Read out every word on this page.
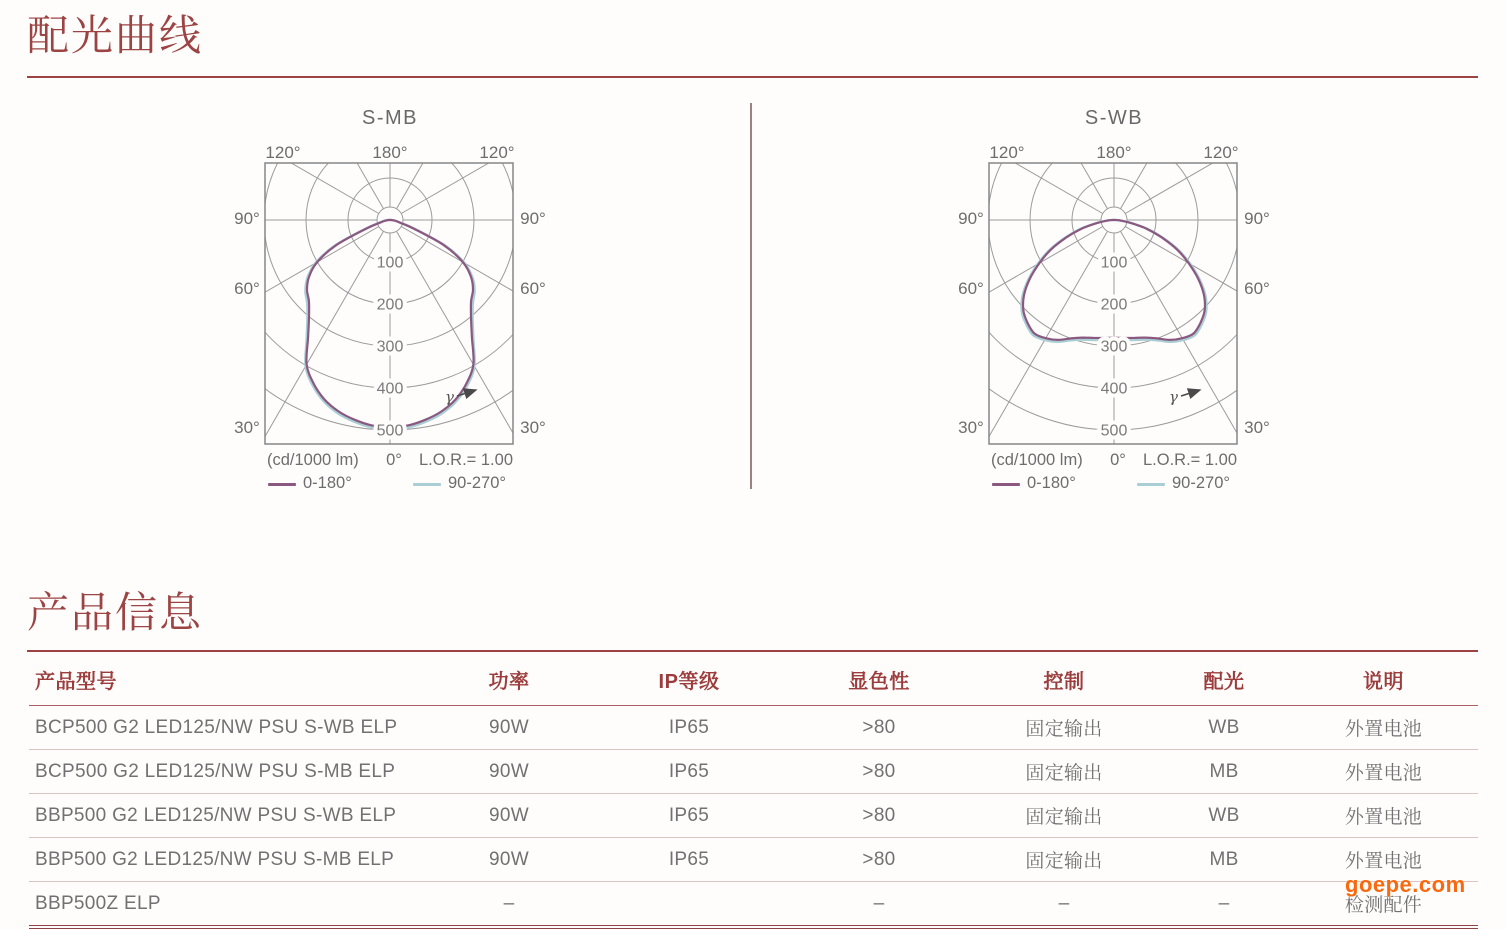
配光曲线
S-MB
120°	180°	120°
90°	90°
60°	60°
30°	30°
100
200
300
400
500
γ
(cd/1000 lm) 0° L.O.R.= 1.00
0-180°	90-270°
S-WB
120°	180°	120°
90°	90°
60°	60°
30°	30°
100
200
300
400
500
γ
(cd/1000 lm) 0° L.O.R.= 1.00
0-180°	90-270°
产品信息
产品型号	功率	IP等级	显色性	控制	配光	说明
BCP500 G2 LED125/NW PSU S-WB ELP	90W	IP65	>80	固定输出	WB	外置电池
BCP500 G2 LED125/NW PSU S-MB ELP	90W	IP65	>80	固定输出	MB	外置电池
BBP500 G2 LED125/NW PSU S-WB ELP	90W	IP65	>80	固定输出	WB	外置电池
BBP500 G2 LED125/NW PSU S-MB ELP	90W	IP65	>80	固定输出	MB	外置电池
BBP500Z ELP	–		–	–	–	检测配件
goepe.com
